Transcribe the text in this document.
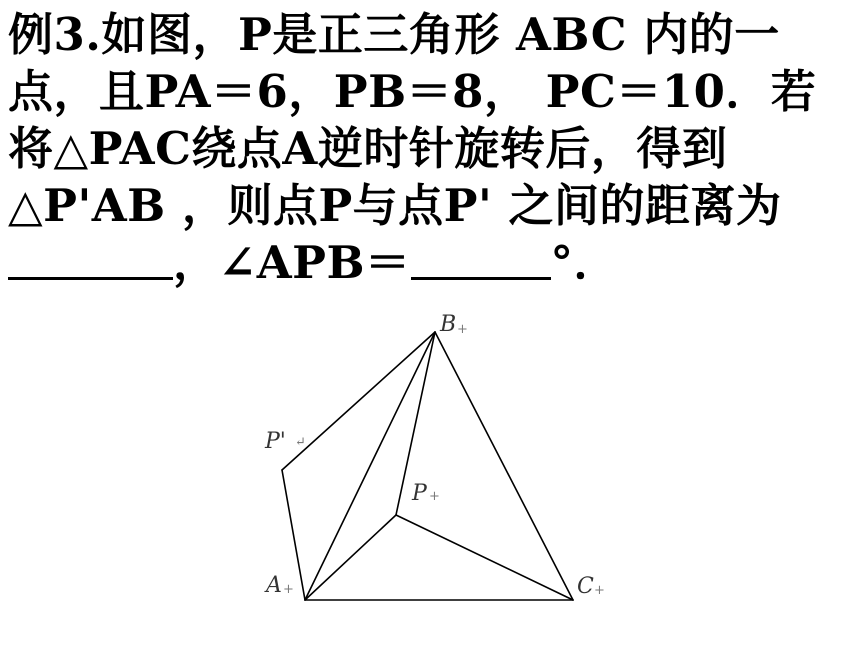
例3.如图，P是正三角形 ABC 内的一
点，且PA＝6，PB＝8， PC＝10．若
将△PAC绕点A逆时针旋转后，得到
△P'AB ，则点P与点P' 之间的距离为
，∠APB＝	°．
B +
P' ↵
P +
A +	C +
